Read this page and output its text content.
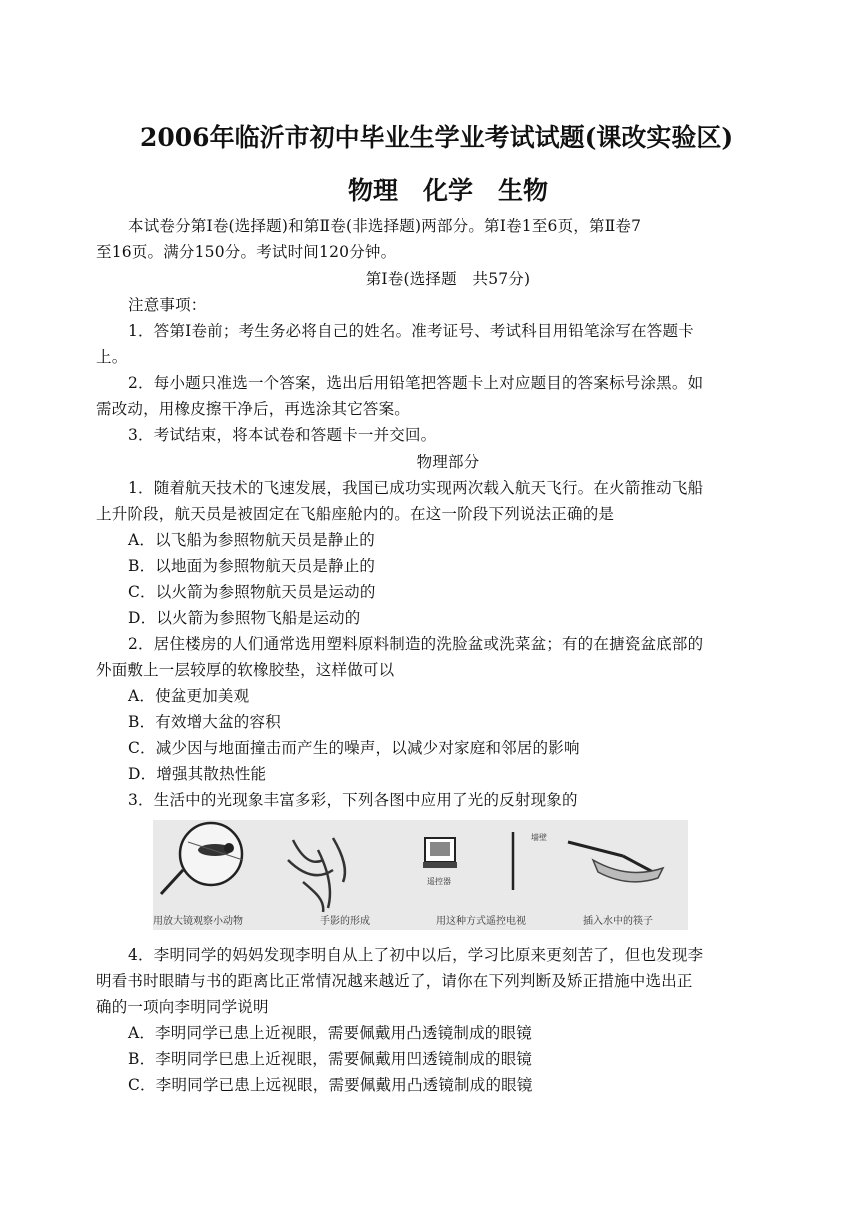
2006年临沂市初中毕业生学业考试试题(课改实验区)
物理　化学　生物
本试卷分第Ⅰ卷(选择题)和第Ⅱ卷(非选择题)两部分。第Ⅰ卷1至6页，第Ⅱ卷7
至16页。满分150分。考试时间120分钟。
第Ⅰ卷(选择题　共57分)
注意事项：
1．答第Ⅰ卷前；考生务必将自己的姓名。准考证号、考试科目用铅笔涂写在答题卡
上。
2．每小题只准选一个答案，选出后用铅笔把答题卡上对应题目的答案标号涂黑。如
需改动，用橡皮擦干净后，再选涂其它答案。
3．考试结束，将本试卷和答题卡一并交回。
物理部分
1．随着航天技术的飞速发展，我国已成功实现两次载入航天飞行。在火箭推动飞船
上升阶段，航天员是被固定在飞船座舱内的。在这一阶段下列说法正确的是
A．以飞船为参照物航天员是静止的
B．以地面为参照物航天员是静止的
C．以火箭为参照物航天员是运动的
D．以火箭为参照物飞船是运动的
2．居住楼房的人们通常选用塑料原料制造的洗脸盆或洗菜盆；有的在搪瓷盆底部的
外面敷上一层较厚的软橡胶垫，这样做可以
A．使盆更加美观
B．有效增大盆的容积
C．减少因与地面撞击而产生的噪声，以减少对家庭和邻居的影响
D．增强其散热性能
3．生活中的光现象丰富多彩，下列各图中应用了光的反射现象的
遥控器
墙壁
用放大镜观察小动物	手影的形成	用这种方式遥控电视	插入水中的筷子
4．李明同学的妈妈发现李明自从上了初中以后，学习比原来更刻苦了，但也发现李
明看书时眼睛与书的距离比正常情况越来越近了，请你在下列判断及矫正措施中选出正
确的一项向李明同学说明
A．李明同学已患上近视眼，需要佩戴用凸透镜制成的眼镜
B．李明同学巳患上近视眼，需要佩戴用凹透镜制成的眼镜
C．李明同学已患上远视眼，需要佩戴用凸透镜制成的眼镜
